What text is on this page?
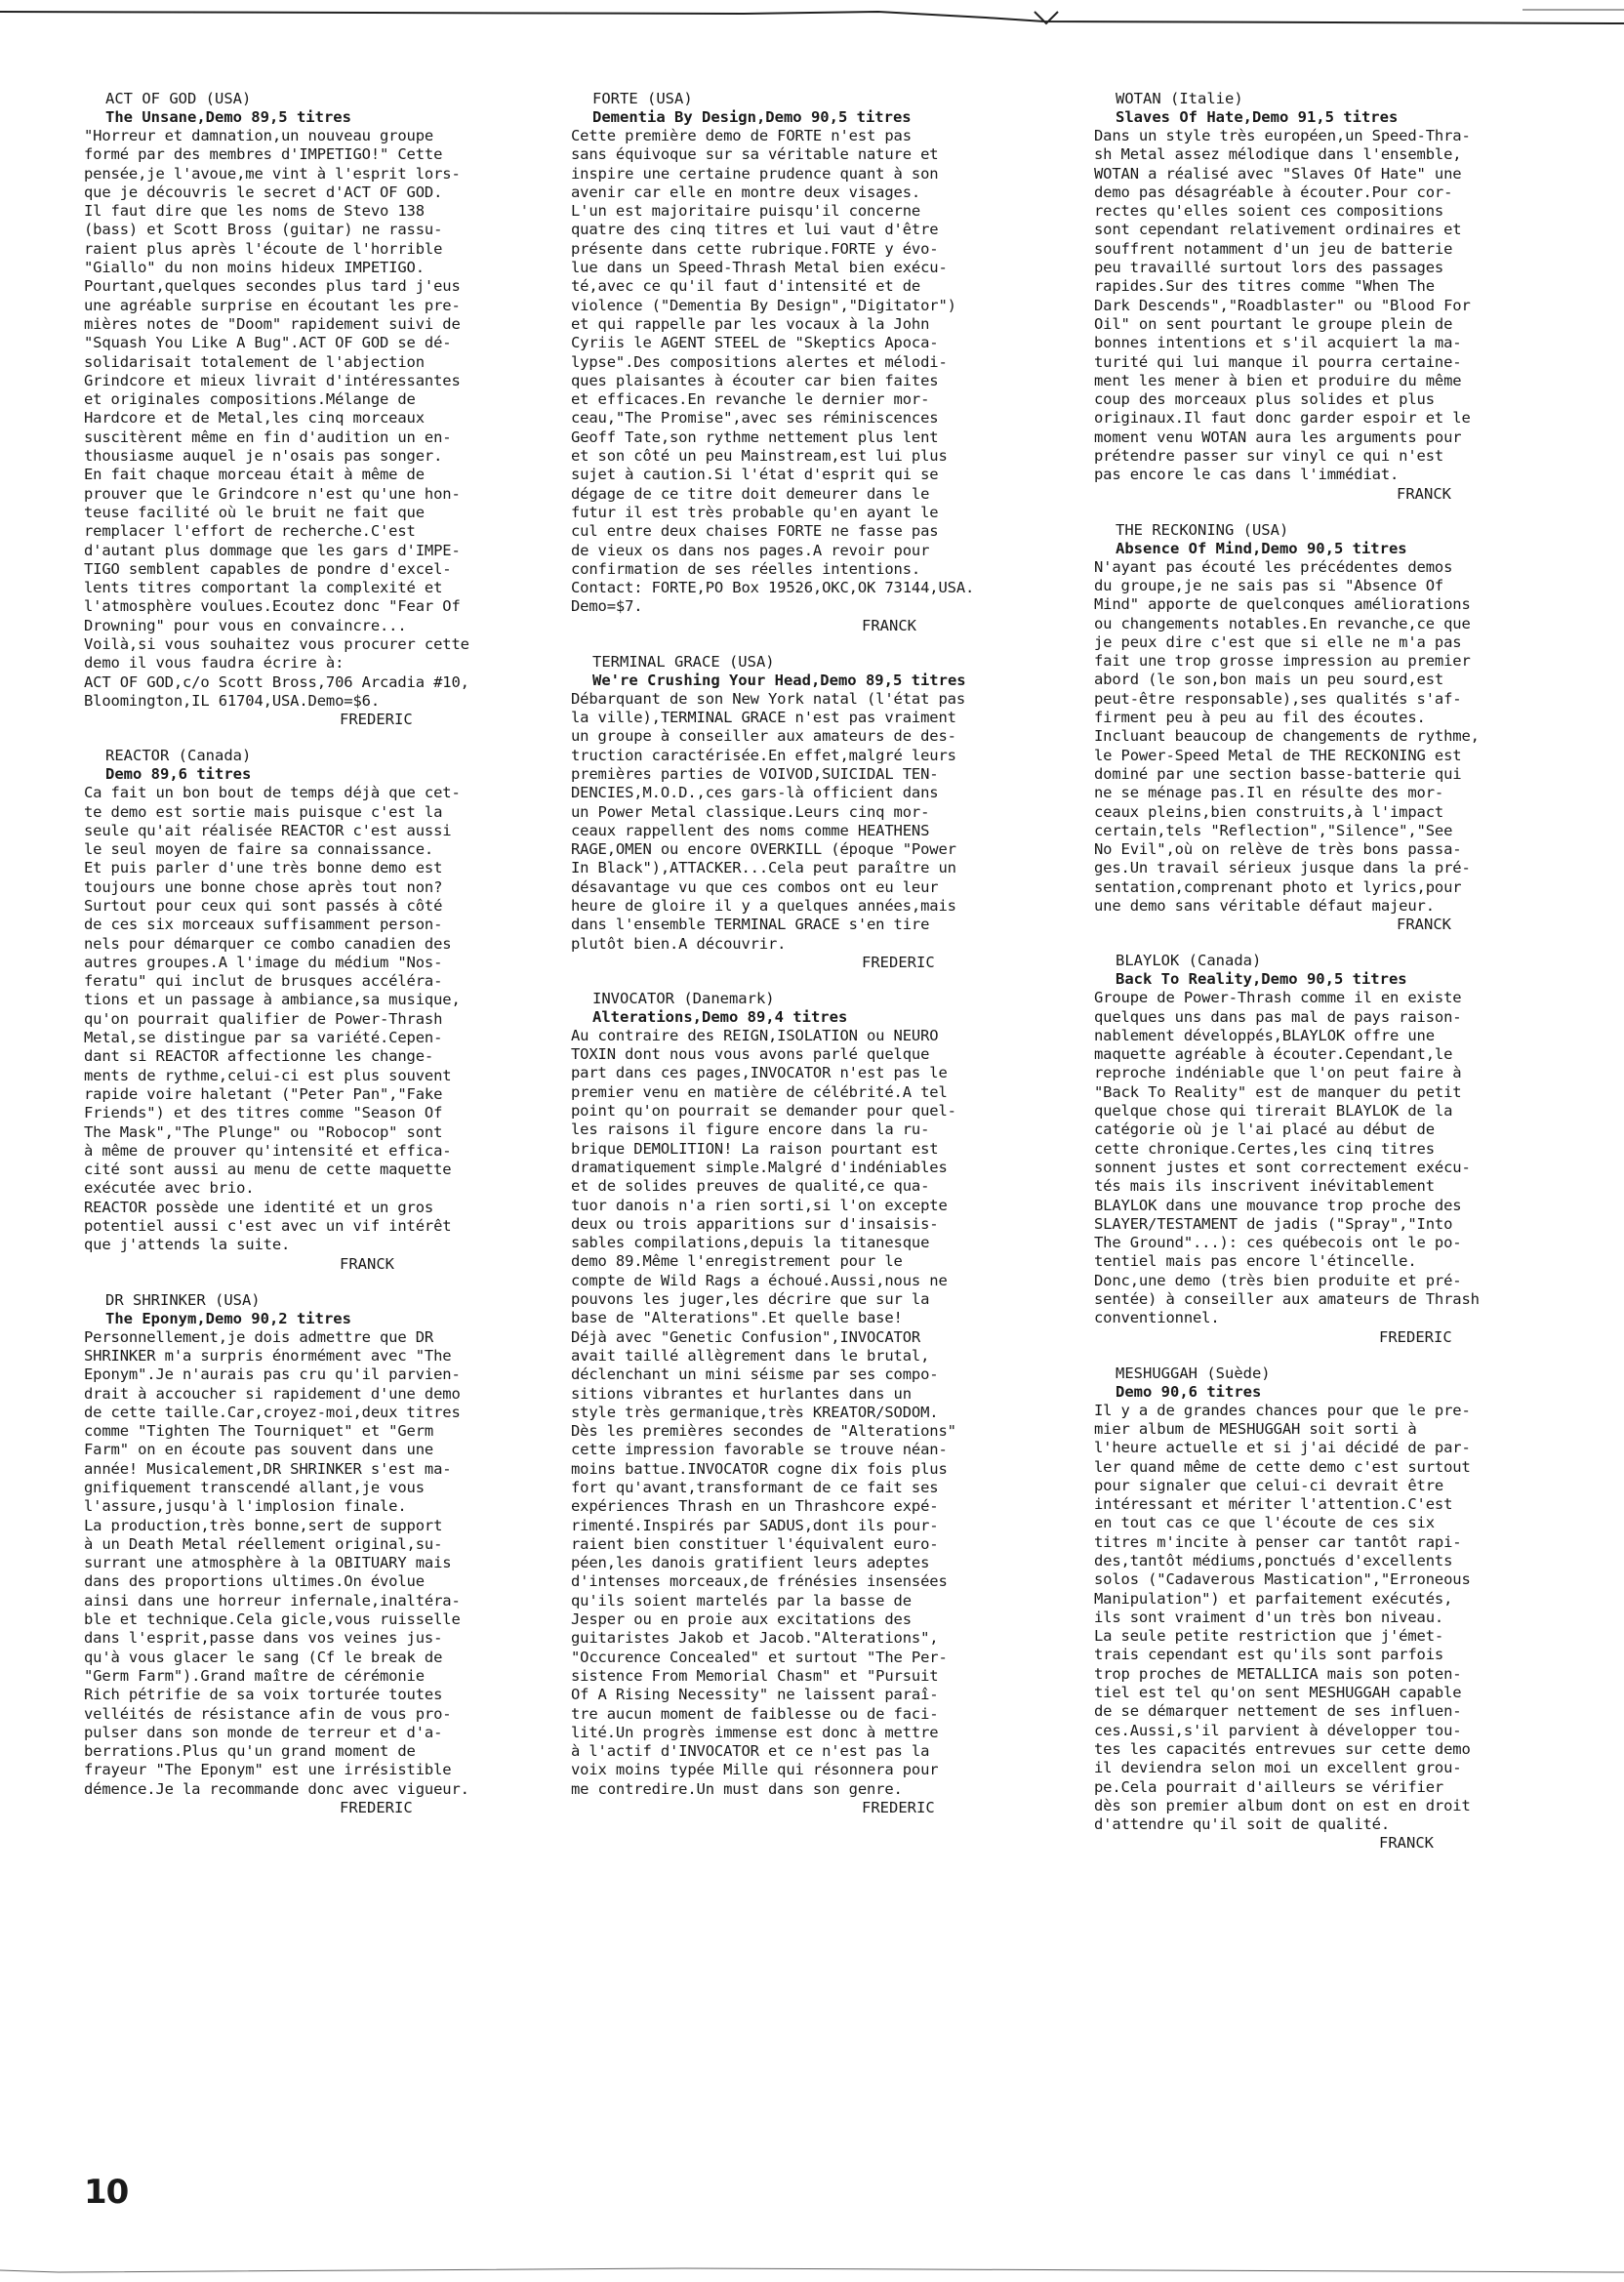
ACT OF GOD (USA)
The Unsane,Demo 89,5 titres
"Horreur et damnation,un nouveau groupe
formé par des membres d'IMPETIGO!" Cette
pensée,je l'avoue,me vint à l'esprit lors-
que je découvris le secret d'ACT OF GOD.
Il faut dire que les noms de Stevo 138
(bass) et Scott Bross (guitar) ne rassu-
raient plus après l'écoute de l'horrible
"Giallo" du non moins hideux IMPETIGO.
Pourtant,quelques secondes plus tard j'eus
une agréable surprise en écoutant les pre-
mières notes de "Doom" rapidement suivi de
"Squash You Like A Bug".ACT OF GOD se dé-
solidarisait totalement de l'abjection
Grindcore et mieux livrait d'intéressantes
et originales compositions.Mélange de
Hardcore et de Metal,les cinq morceaux
suscitèrent même en fin d'audition un en-
thousiasme auquel je n'osais pas songer.
En fait chaque morceau était à même de
prouver que le Grindcore n'est qu'une hon-
teuse facilité où le bruit ne fait que
remplacer l'effort de recherche.C'est
d'autant plus dommage que les gars d'IMPE-
TIGO semblent capables de pondre d'excel-
lents titres comportant la complexité et
l'atmosphère voulues.Ecoutez donc "Fear Of
Drowning" pour vous en convaincre...
Voilà,si vous souhaitez vous procurer cette
demo il vous faudra écrire à:
ACT OF GOD,c/o Scott Bross,706 Arcadia #10,
Bloomington,IL 61704,USA.Demo=$6.
FREDERIC
REACTOR (Canada)
Demo 89,6 titres
Ca fait un bon bout de temps déjà que cet-
te demo est sortie mais puisque c'est la
seule qu'ait réalisée REACTOR c'est aussi
le seul moyen de faire sa connaissance.
Et puis parler d'une très bonne demo est
toujours une bonne chose après tout non?
Surtout pour ceux qui sont passés à côté
de ces six morceaux suffisamment person-
nels pour démarquer ce combo canadien des
autres groupes.A l'image du médium "Nos-
feratu" qui inclut de brusques accéléra-
tions et un passage à ambiance,sa musique,
qu'on pourrait qualifier de Power-Thrash
Metal,se distingue par sa variété.Cepen-
dant si REACTOR affectionne les change-
ments de rythme,celui-ci est plus souvent
rapide voire haletant ("Peter Pan","Fake
Friends") et des titres comme "Season Of
The Mask","The Plunge" ou "Robocop" sont
à même de prouver qu'intensité et effica-
cité sont aussi au menu de cette maquette
exécutée avec brio.
REACTOR possède une identité et un gros
potentiel aussi c'est avec un vif intérêt
que j'attends la suite.
FRANCK
DR SHRINKER (USA)
The Eponym,Demo 90,2 titres
Personnellement,je dois admettre que DR
SHRINKER m'a surpris énormément avec "The
Eponym".Je n'aurais pas cru qu'il parvien-
drait à accoucher si rapidement d'une demo
de cette taille.Car,croyez-moi,deux titres
comme "Tighten The Tourniquet" et "Germ
Farm" on en écoute pas souvent dans une
année! Musicalement,DR SHRINKER s'est ma-
gnifiquement transcendé allant,je vous
l'assure,jusqu'à l'implosion finale.
La production,très bonne,sert de support
à un Death Metal réellement original,su-
surrant une atmosphère à la OBITUARY mais
dans des proportions ultimes.On évolue
ainsi dans une horreur infernale,inaltéra-
ble et technique.Cela gicle,vous ruisselle
dans l'esprit,passe dans vos veines jus-
qu'à vous glacer le sang (Cf le break de
"Germ Farm").Grand maître de cérémonie
Rich pétrifie de sa voix torturée toutes
velléités de résistance afin de vous pro-
pulser dans son monde de terreur et d'a-
berrations.Plus qu'un grand moment de
frayeur "The Eponym" est une irrésistible
démence.Je la recommande donc avec vigueur.
FREDERIC
FORTE (USA)
Dementia By Design,Demo 90,5 titres
Cette première demo de FORTE n'est pas
sans équivoque sur sa véritable nature et
inspire une certaine prudence quant à son
avenir car elle en montre deux visages.
L'un est majoritaire puisqu'il concerne
quatre des cinq titres et lui vaut d'être
présente dans cette rubrique.FORTE y évo-
lue dans un Speed-Thrash Metal bien exécu-
té,avec ce qu'il faut d'intensité et de
violence ("Dementia By Design","Digitator")
et qui rappelle par les vocaux à la John
Cyriis le AGENT STEEL de "Skeptics Apoca-
lypse".Des compositions alertes et mélodi-
ques plaisantes à écouter car bien faites
et efficaces.En revanche le dernier mor-
ceau,"The Promise",avec ses réminiscences
Geoff Tate,son rythme nettement plus lent
et son côté un peu Mainstream,est lui plus
sujet à caution.Si l'état d'esprit qui se
dégage de ce titre doit demeurer dans le
futur il est très probable qu'en ayant le
cul entre deux chaises FORTE ne fasse pas
de vieux os dans nos pages.A revoir pour
confirmation de ses réelles intentions.
Contact: FORTE,PO Box 19526,OKC,OK 73144,USA.
Demo=$7.
FRANCK
TERMINAL GRACE (USA)
We're Crushing Your Head,Demo 89,5 titres
Débarquant de son New York natal (l'état pas
la ville),TERMINAL GRACE n'est pas vraiment
un groupe à conseiller aux amateurs de des-
truction caractérisée.En effet,malgré leurs
premières parties de VOIVOD,SUICIDAL TEN-
DENCIES,M.O.D.,ces gars-là officient dans
un Power Metal classique.Leurs cinq mor-
ceaux rappellent des noms comme HEATHENS
RAGE,OMEN ou encore OVERKILL (époque "Power
In Black"),ATTACKER...Cela peut paraître un
désavantage vu que ces combos ont eu leur
heure de gloire il y a quelques années,mais
dans l'ensemble TERMINAL GRACE s'en tire
plutôt bien.A découvrir.
FREDERIC
INVOCATOR (Danemark)
Alterations,Demo 89,4 titres
Au contraire des REIGN,ISOLATION ou NEURO
TOXIN dont nous vous avons parlé quelque
part dans ces pages,INVOCATOR n'est pas le
premier venu en matière de célébrité.A tel
point qu'on pourrait se demander pour quel-
les raisons il figure encore dans la ru-
brique DEMOLITION! La raison pourtant est
dramatiquement simple.Malgré d'indéniables
et de solides preuves de qualité,ce qua-
tuor danois n'a rien sorti,si l'on excepte
deux ou trois apparitions sur d'insaisis-
sables compilations,depuis la titanesque
demo 89.Même l'enregistrement pour le
compte de Wild Rags a échoué.Aussi,nous ne
pouvons les juger,les décrire que sur la
base de "Alterations".Et quelle base!
Déjà avec "Genetic Confusion",INVOCATOR
avait taillé allègrement dans le brutal,
déclenchant un mini séisme par ses compo-
sitions vibrantes et hurlantes dans un
style très germanique,très KREATOR/SODOM.
Dès les premières secondes de "Alterations"
cette impression favorable se trouve néan-
moins battue.INVOCATOR cogne dix fois plus
fort qu'avant,transformant de ce fait ses
expériences Thrash en un Thrashcore expé-
rimenté.Inspirés par SADUS,dont ils pour-
raient bien constituer l'équivalent euro-
péen,les danois gratifient leurs adeptes
d'intenses morceaux,de frénésies insensées
qu'ils soient martelés par la basse de
Jesper ou en proie aux excitations des
guitaristes Jakob et Jacob."Alterations",
"Occurence Concealed" et surtout "The Per-
sistence From Memorial Chasm" et "Pursuit
Of A Rising Necessity" ne laissent paraî-
tre aucun moment de faiblesse ou de faci-
lité.Un progrès immense est donc à mettre
à l'actif d'INVOCATOR et ce n'est pas la
voix moins typée Mille qui résonnera pour
me contredire.Un must dans son genre.
FREDERIC
WOTAN (Italie)
Slaves Of Hate,Demo 91,5 titres
Dans un style très européen,un Speed-Thra-
sh Metal assez mélodique dans l'ensemble,
WOTAN a réalisé avec "Slaves Of Hate" une
demo pas désagréable à écouter.Pour cor-
rectes qu'elles soient ces compositions
sont cependant relativement ordinaires et
souffrent notamment d'un jeu de batterie
peu travaillé surtout lors des passages
rapides.Sur des titres comme "When The
Dark Descends","Roadblaster" ou "Blood For
Oil" on sent pourtant le groupe plein de
bonnes intentions et s'il acquiert la ma-
turité qui lui manque il pourra certaine-
ment les mener à bien et produire du même
coup des morceaux plus solides et plus
originaux.Il faut donc garder espoir et le
moment venu WOTAN aura les arguments pour
prétendre passer sur vinyl ce qui n'est
pas encore le cas dans l'immédiat.
FRANCK
THE RECKONING (USA)
Absence Of Mind,Demo 90,5 titres
N'ayant pas écouté les précédentes demos
du groupe,je ne sais pas si "Absence Of
Mind" apporte de quelconques améliorations
ou changements notables.En revanche,ce que
je peux dire c'est que si elle ne m'a pas
fait une trop grosse impression au premier
abord (le son,bon mais un peu sourd,est
peut-être responsable),ses qualités s'af-
firment peu à peu au fil des écoutes.
Incluant beaucoup de changements de rythme,
le Power-Speed Metal de THE RECKONING est
dominé par une section basse-batterie qui
ne se ménage pas.Il en résulte des mor-
ceaux pleins,bien construits,à l'impact
certain,tels "Reflection","Silence","See
No Evil",où on relève de très bons passa-
ges.Un travail sérieux jusque dans la pré-
sentation,comprenant photo et lyrics,pour
une demo sans véritable défaut majeur.
FRANCK
BLAYLOK (Canada)
Back To Reality,Demo 90,5 titres
Groupe de Power-Thrash comme il en existe
quelques uns dans pas mal de pays raison-
nablement développés,BLAYLOK offre une
maquette agréable à écouter.Cependant,le
reproche indéniable que l'on peut faire à
"Back To Reality" est de manquer du petit
quelque chose qui tirerait BLAYLOK de la
catégorie où je l'ai placé au début de
cette chronique.Certes,les cinq titres
sonnent justes et sont correctement exécu-
tés mais ils inscrivent inévitablement
BLAYLOK dans une mouvance trop proche des
SLAYER/TESTAMENT de jadis ("Spray","Into
The Ground"...): ces québecois ont le po-
tentiel mais pas encore l'étincelle.
Donc,une demo (très bien produite et pré-
sentée) à conseiller aux amateurs de Thrash
conventionnel.
FREDERIC
MESHUGGAH (Suède)
Demo 90,6 titres
Il y a de grandes chances pour que le pre-
mier album de MESHUGGAH soit sorti à
l'heure actuelle et si j'ai décidé de par-
ler quand même de cette demo c'est surtout
pour signaler que celui-ci devrait être
intéressant et mériter l'attention.C'est
en tout cas ce que l'écoute de ces six
titres m'incite à penser car tantôt rapi-
des,tantôt médiums,ponctués d'excellents
solos ("Cadaverous Mastication","Erroneous
Manipulation") et parfaitement exécutés,
ils sont vraiment d'un très bon niveau.
La seule petite restriction que j'émet-
trais cependant est qu'ils sont parfois
trop proches de METALLICA mais son poten-
tiel est tel qu'on sent MESHUGGAH capable
de se démarquer nettement de ses influen-
ces.Aussi,s'il parvient à développer tou-
tes les capacités entrevues sur cette demo
il deviendra selon moi un excellent grou-
pe.Cela pourrait d'ailleurs se vérifier
dès son premier album dont on est en droit
d'attendre qu'il soit de qualité.
FRANCK
10
